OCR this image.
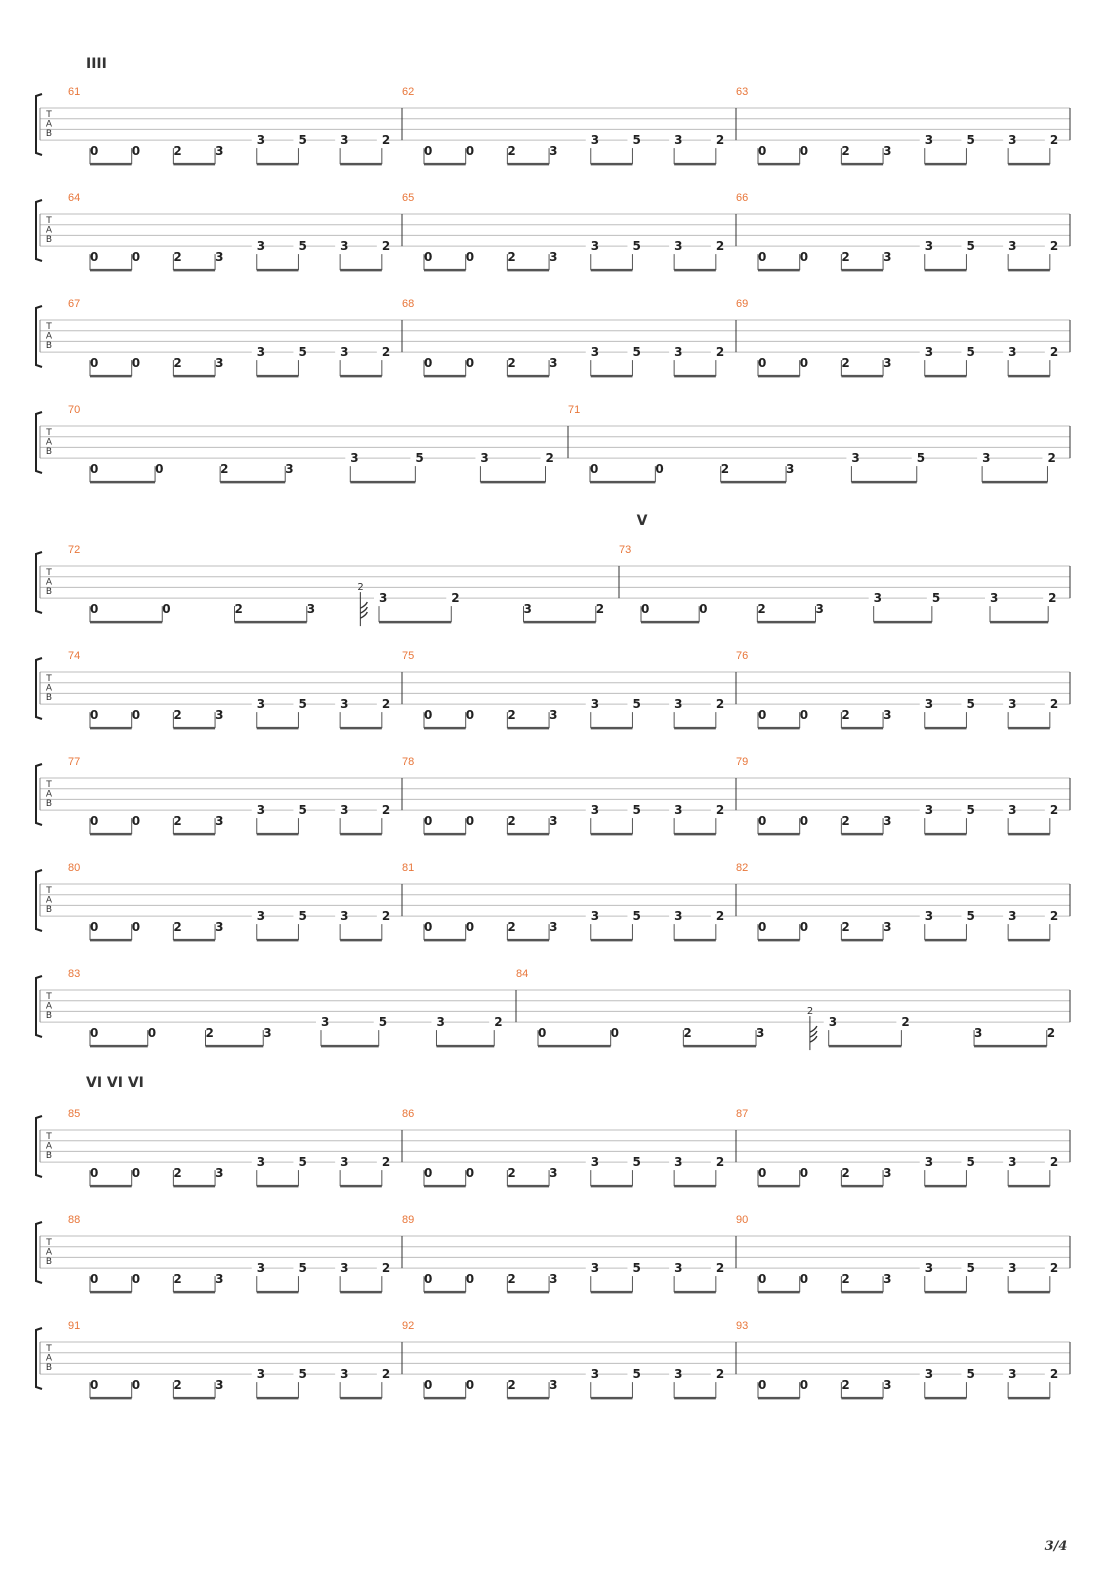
IIII
V
VI VI VI
T
A
B
61
0	0	2	3
3	5	3	2
62
0	0	2	3
3	5	3	2
63
0	0	2	3
3	5	3	2
T
A
B
64
0	0	2	3
3	5	3	2
65
0	0	2	3
3	5	3	2
66
0	0	2	3
3	5	3	2
T
A
B
67
0	0	2	3
3	5	3	2
68
0	0	2	3
3	5	3	2
69
0	0	2	3
3	5	3	2
T
A
B
70
0	0	2	3
3	5	3	2
71
0	0	2	3
3	5	3	2
T
A
B
72
0	0	2	3
2
3	2
3	2
73
0	0	2	3
3	5	3	2
T
A
B
74
0	0	2	3
3	5	3	2
75
0	0	2	3
3	5	3	2
76
0	0	2	3
3	5	3	2
T
A
B
77
0	0	2	3
3	5	3	2
78
0	0	2	3
3	5	3	2
79
0	0	2	3
3	5	3	2
T
A
B
80
0	0	2	3
3	5	3	2
81
0	0	2	3
3	5	3	2
82
0	0	2	3
3	5	3	2
T
A
B
83
0	0	2	3
3	5	3	2
84
0	0	2	3
2
3	2
3	2
T
A
B
85
0	0	2	3
3	5	3	2
86
0	0	2	3
3	5	3	2
87
0	0	2	3
3	5	3	2
T
A
B
88
0	0	2	3
3	5	3	2
89
0	0	2	3
3	5	3	2
90
0	0	2	3
3	5	3	2
T
A
B
91
0	0	2	3
3	5	3	2
92
0	0	2	3
3	5	3	2
93
0	0	2	3
3	5	3	2
3/4
